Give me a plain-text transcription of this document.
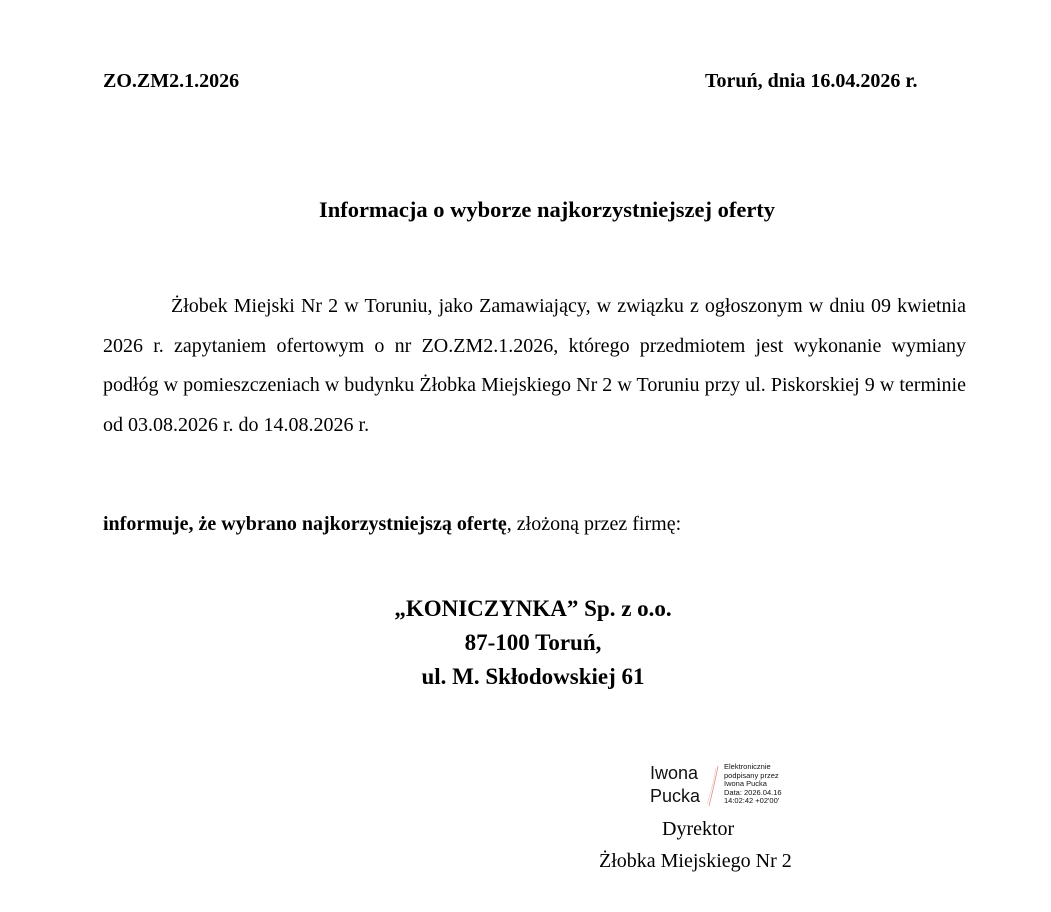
ZO.ZM2.1.2026	Toruń, dnia 16.04.2026 r.
Informacja o wyborze najkorzystniejszej oferty

Żłobek Miejski Nr 2 w Toruniu, jako Zamawiający, w związku z ogłoszonym w dniu 09 kwietnia 2026 r. zapytaniem ofertowym o nr ZO.ZM2.1.2026, którego przedmiotem jest wykonanie wymiany podłóg w pomieszczeniach w budynku Żłobka Miejskiego Nr 2 w Toruniu przy ul. Piskorskiej 9 w terminie od 03.08.2026 r. do 14.08.2026 r.

informuje, że wybrano najkorzystniejszą ofertę, złożoną przez firmę:
„KONICZYNKA” Sp. z o.o.
87-100 Toruń,
ul. M. Skłodowskiej 61
Iwona
Pucka
Elektronicznie
podpisany przez
Iwona Pucka
Data: 2026.04.16
14:02:42 +02'00'
Dyrektor
Żłobka Miejskiego Nr 2
